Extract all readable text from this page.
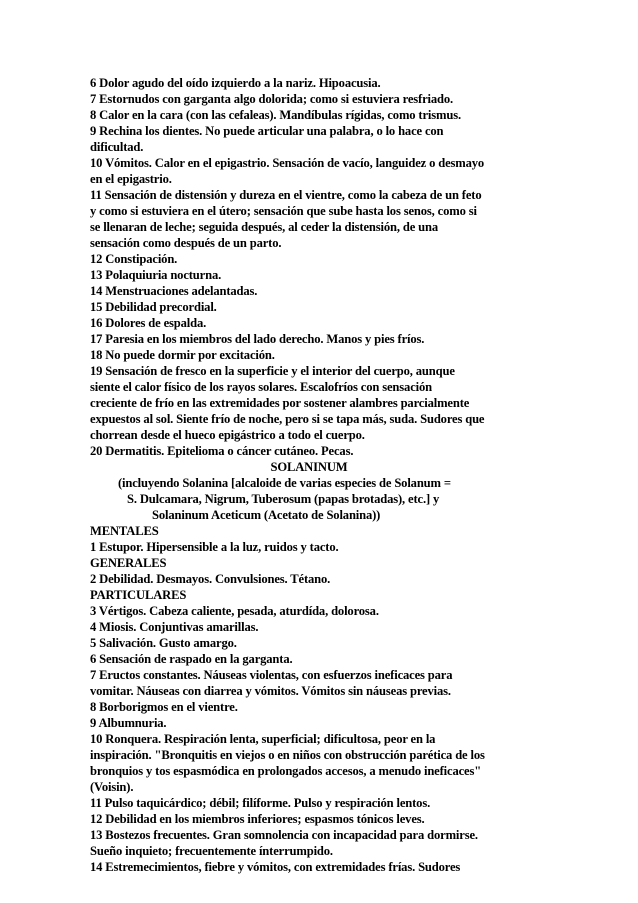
6 Dolor agudo del oído izquierdo a la nariz. Hipoacusia.
7 Estornudos con garganta algo dolorida; como si estuviera resfriado.
8 Calor en la cara (con las cefaleas). Mandíbulas rígidas, como trismus.
9 Rechina los dientes. No puede articular una palabra, o lo hace con
dificultad.
10 Vómitos. Calor en el epigastrio. Sensación de vacío, languidez o desmayo
en el epigastrio.
11 Sensación de distensión y dureza en el vientre, como la cabeza de un feto
y como si estuviera en el útero; sensación que sube hasta los senos, como si
se llenaran de leche; seguida después, al ceder la distensión, de una
sensación como después de un parto.
12 Constipación.
13 Polaquiuria nocturna.
14 Menstruaciones adelantadas.
15 Debilidad precordial.
16 Dolores de espalda.
17 Paresia en los miembros del lado derecho. Manos y pies fríos.
18 No puede dormir por excitación.
19 Sensación de fresco en la superficie y el interior del cuerpo, aunque
siente el calor físico de los rayos solares. Escalofríos con sensación
creciente de frío en las extremidades por sostener alambres parcialmente
expuestos al sol. Siente frío de noche, pero si se tapa más, suda. Sudores que
chorrean desde el hueco epigástrico a todo el cuerpo.
20 Dermatitis. Epitelioma o cáncer cutáneo. Pecas.
SOLANINUM
(incluyendo Solanina [alcaloide de varias especies de Solanum =
S. Dulcamara, Nigrum, Tuberosum (papas brotadas), etc.] y
Solaninum Aceticum (Acetato de Solanina))
MENTALES
1 Estupor. Hipersensible a la luz, ruidos y tacto.
GENERALES
2 Debilidad. Desmayos. Convulsiones. Tétano.
PARTICULARES
3 Vértigos. Cabeza caliente, pesada, aturdída, dolorosa.
4 Miosis. Conjuntivas amarillas.
5 Salivación. Gusto amargo.
6 Sensación de raspado en la garganta.
7 Eructos constantes. Náuseas violentas, con esfuerzos ineficaces para
vomitar. Náuseas con diarrea y vómitos. Vómitos sin náuseas previas.
8 Borborigmos en el vientre.
9 Albumnuria.
10 Ronquera. Respiración lenta, superficial; dificultosa, peor en la
inspiración. "Bronquitis en viejos o en niños con obstrucción parética de los
bronquios y tos espasmódica en prolongados accesos, a menudo ineficaces"
(Voisin).
11 Pulso taquicárdico; débil; filíforme. Pulso y respiración lentos.
12 Debilidad en los miembros inferiores; espasmos tónicos leves.
13 Bostezos frecuentes. Gran somnolencia con incapacidad para dormirse.
Sueño inquieto; frecuentemente ínterrumpido.
14 Estremecimientos, fiebre y vómitos, con extremidades frías. Sudores
